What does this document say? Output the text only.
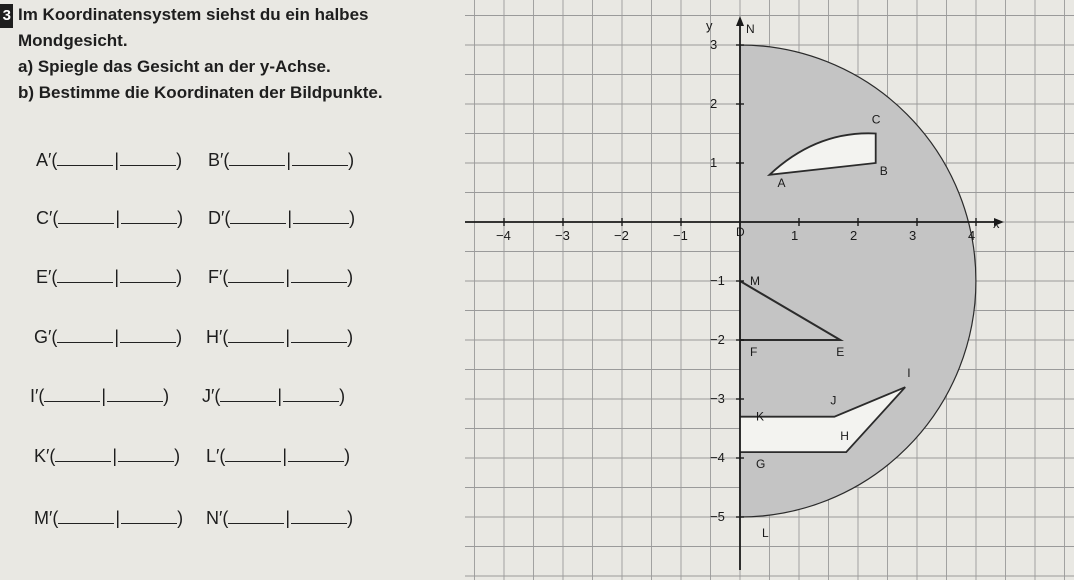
3 Im Koordinatensystem siehst du ein halbes
Mondgesicht.
a) Spiegle das Gesicht an der y-Achse.
b) Bestimme die Koordinaten der Bildpunkte.
A′(	|	) B′(	|	)
C′(	|	) D′(	|	)
E′(	|	) F′(	|	)
G′(	|	) H′(	|	)
I′(	|	) J′(	|	)
K′(	|	) L′(	|	)
M′(	|	) N′(	|	)
x
y
−4	−3	−2	−1	1	2	3	4
3
2
1
−1
−2
−3
−4
−5
N
C
B
A
D
M
E
F
I
J
K
G
H
L
